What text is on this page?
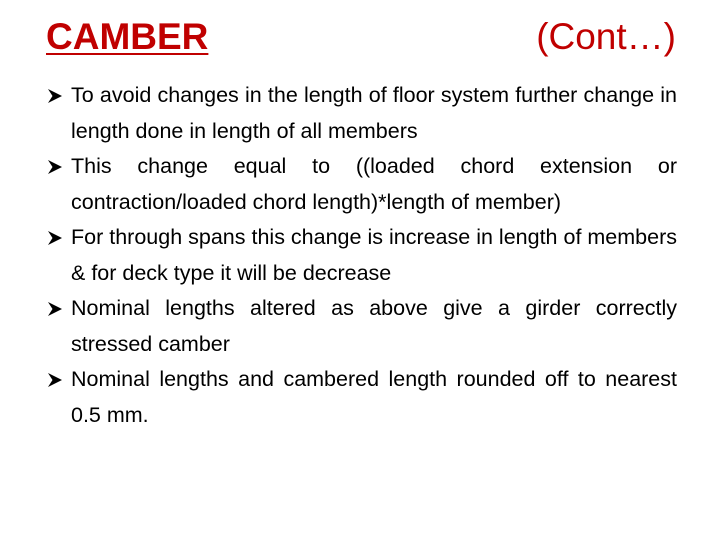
CAMBER	(Cont…)
To avoid changes in the length of floor system further change in length done in length of all members
This change equal to ((loaded chord extension or contraction/loaded chord length)*length of member)
For through spans this change is increase in length of members & for deck type it will be decrease
Nominal lengths altered as above give a girder correctly stressed camber
Nominal lengths and cambered length rounded off to nearest 0.5 mm.
